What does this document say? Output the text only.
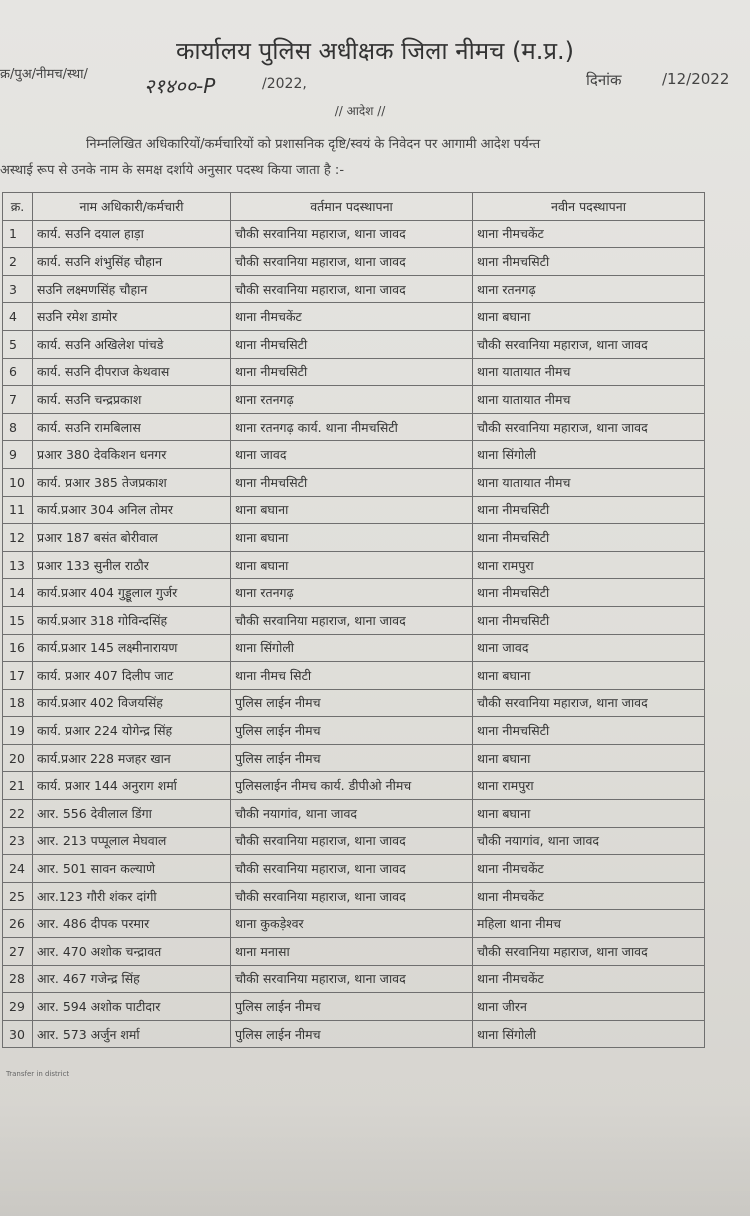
कार्यालय पुलिस अधीक्षक जिला नीमच (म.प्र.)
क्र/पुअ/नीमच/स्था/	२१४००-P	/2022,	दिनांक	/12/2022
// आदेश //
निम्नलिखित अधिकारियों/कर्मचारियों को प्रशासनिक दृष्टि/स्वयं के निवेदन पर आगामी आदेश पर्यन्त
अस्थाई रूप से उनके नाम के समक्ष दर्शाये अनुसार पदस्थ किया जाता है :-
क्र.	नाम अधिकारी/कर्मचारी	वर्तमान पदस्थापना	नवीन पदस्थापना
1	कार्य. सउनि दयाल हाड़ा	चौकी सरवानिया महाराज, थाना जावद	थाना नीमचकेंट
2	कार्य. सउनि शंभुसिंह चौहान	चौकी सरवानिया महाराज, थाना जावद	थाना नीमचसिटी
3	सउनि लक्ष्मणसिंह चौहान	चौकी सरवानिया महाराज, थाना जावद	थाना रतनगढ़
4	सउनि रमेश डामोर	थाना नीमचकेंट	थाना बघाना
5	कार्य. सउनि अखिलेश पांचडे	थाना नीमचसिटी	चौकी सरवानिया महाराज, थाना जावद
6	कार्य. सउनि दीपराज केथवास	थाना नीमचसिटी	थाना यातायात नीमच
7	कार्य. सउनि चन्द्रप्रकाश	थाना रतनगढ़	थाना यातायात नीमच
8	कार्य. सउनि रामबिलास	थाना रतनगढ़ कार्य. थाना नीमचसिटी	चौकी सरवानिया महाराज, थाना जावद
9	प्रआर 380 देवकिशन धनगर	थाना जावद	थाना सिंगोली
10	कार्य. प्रआर 385 तेजप्रकाश	थाना नीमचसिटी	थाना यातायात नीमच
11	कार्य.प्रआर 304 अनिल तोमर	थाना बघाना	थाना नीमचसिटी
12	प्रआर 187 बसंत बोरीवाल	थाना बघाना	थाना नीमचसिटी
13	प्रआर 133 सुनील राठौर	थाना बघाना	थाना रामपुरा
14	कार्य.प्रआर 404 गुड्डूलाल गुर्जर	थाना रतनगढ़	थाना नीमचसिटी
15	कार्य.प्रआर 318 गोविन्दसिंह	चौकी सरवानिया महाराज, थाना जावद	थाना नीमचसिटी
16	कार्य.प्रआर 145 लक्ष्मीनारायण	थाना सिंगोली	थाना जावद
17	कार्य. प्रआर 407 दिलीप जाट	थाना नीमच सिटी	थाना बघाना
18	कार्य.प्रआर 402 विजयसिंह	पुलिस लाईन नीमच	चौकी सरवानिया महाराज, थाना जावद
19	कार्य. प्रआर 224 योगेन्द्र सिंह	पुलिस लाईन नीमच	थाना नीमचसिटी
20	कार्य.प्रआर 228 मजहर खान	पुलिस लाईन नीमच	थाना बघाना
21	कार्य. प्रआर 144 अनुराग शर्मा	पुलिसलाईन नीमच कार्य. डीपीओ नीमच	थाना रामपुरा
22	आर. 556 देवीलाल डिंगा	चौकी नयागांव, थाना जावद	थाना बघाना
23	आर. 213 पप्पूलाल मेघवाल	चौकी सरवानिया महाराज, थाना जावद	चौकी नयागांव, थाना जावद
24	आर. 501 सावन कल्याणे	चौकी सरवानिया महाराज, थाना जावद	थाना नीमचकेंट
25	आर.123 गौरी शंकर दांगी	चौकी सरवानिया महाराज, थाना जावद	थाना नीमचकेंट
26	आर. 486 दीपक परमार	थाना कुकड़ेश्वर	महिला थाना नीमच
27	आर. 470 अशोक चन्द्रावत	थाना मनासा	चौकी सरवानिया महाराज, थाना जावद
28	आर. 467 गजेन्द्र सिंह	चौकी सरवानिया महाराज, थाना जावद	थाना नीमचकेंट
29	आर. 594 अशोक पाटीदार	पुलिस लाईन नीमच	थाना जीरन
30	आर. 573 अर्जुन शर्मा	पुलिस लाईन नीमच	थाना सिंगोली
Transfer in district
